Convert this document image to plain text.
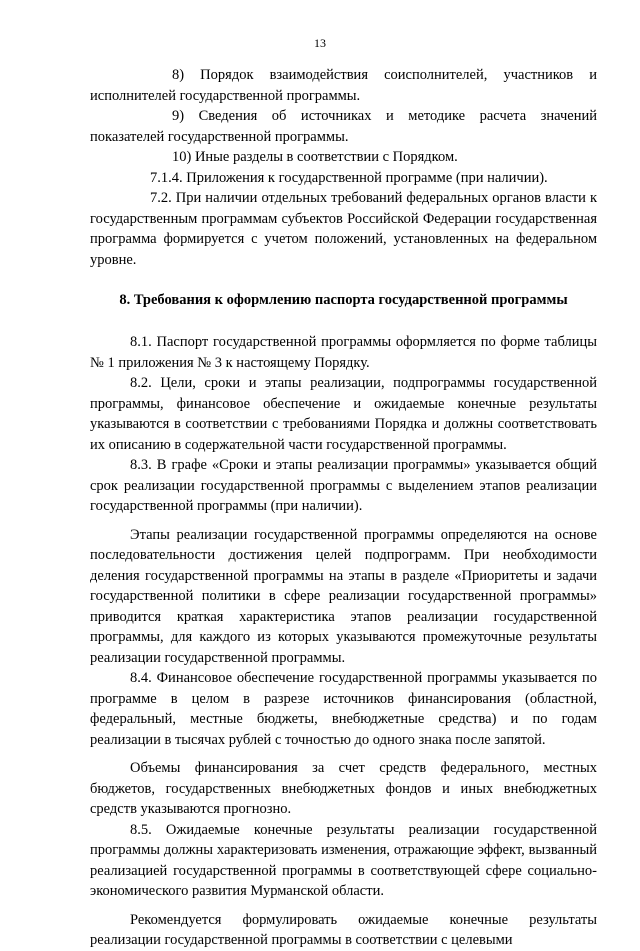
13

8) Порядок взаимодействия соисполнителей, участников и исполнителей государственной программы.

9) Сведения об источниках и методике расчета значений показателей государственной программы.

10) Иные разделы в соответствии с Порядком.

7.1.4. Приложения к государственной программе (при наличии).

7.2. При наличии отдельных требований федеральных органов власти к государственным программам субъектов Российской Федерации государственная программа формируется с учетом положений, установленных на федеральном уровне.

8. Требования к оформлению паспорта государственной программы

8.1. Паспорт государственной программы оформляется по форме таблицы № 1 приложения № 3 к настоящему Порядку.

8.2. Цели, сроки и этапы реализации, подпрограммы государственной программы, финансовое обеспечение и ожидаемые конечные результаты указываются в соответствии с требованиями Порядка и должны соответствовать их описанию в содержательной части государственной программы.

8.3. В графе «Сроки и этапы реализации программы» указывается общий срок реализации государственной программы с выделением этапов реализации государственной программы (при наличии).

Этапы реализации государственной программы определяются на основе последовательности достижения целей подпрограмм. При необходимости деления государственной программы на этапы в разделе «Приоритеты и задачи государственной политики в сфере реализации государственной программы» приводится краткая характеристика этапов реализации государственной программы, для каждого из которых указываются промежуточные результаты реализации государственной программы.

8.4. Финансовое обеспечение государственной программы указывается по программе в целом в разрезе источников финансирования (областной, федеральный, местные бюджеты, внебюджетные средства) и по годам реализации в тысячах рублей с точностью до одного знака после запятой.

Объемы финансирования за счет средств федерального, местных бюджетов, государственных внебюджетных фондов и иных внебюджетных средств указываются прогнозно.

8.5. Ожидаемые конечные результаты реализации государственной программы должны характеризовать изменения, отражающие эффект, вызванный реализацией государственной программы в соответствующей сфере социально-экономического развития Мурманской области.

Рекомендуется формулировать ожидаемые конечные результаты реализации государственной программы в соответствии с целевыми
